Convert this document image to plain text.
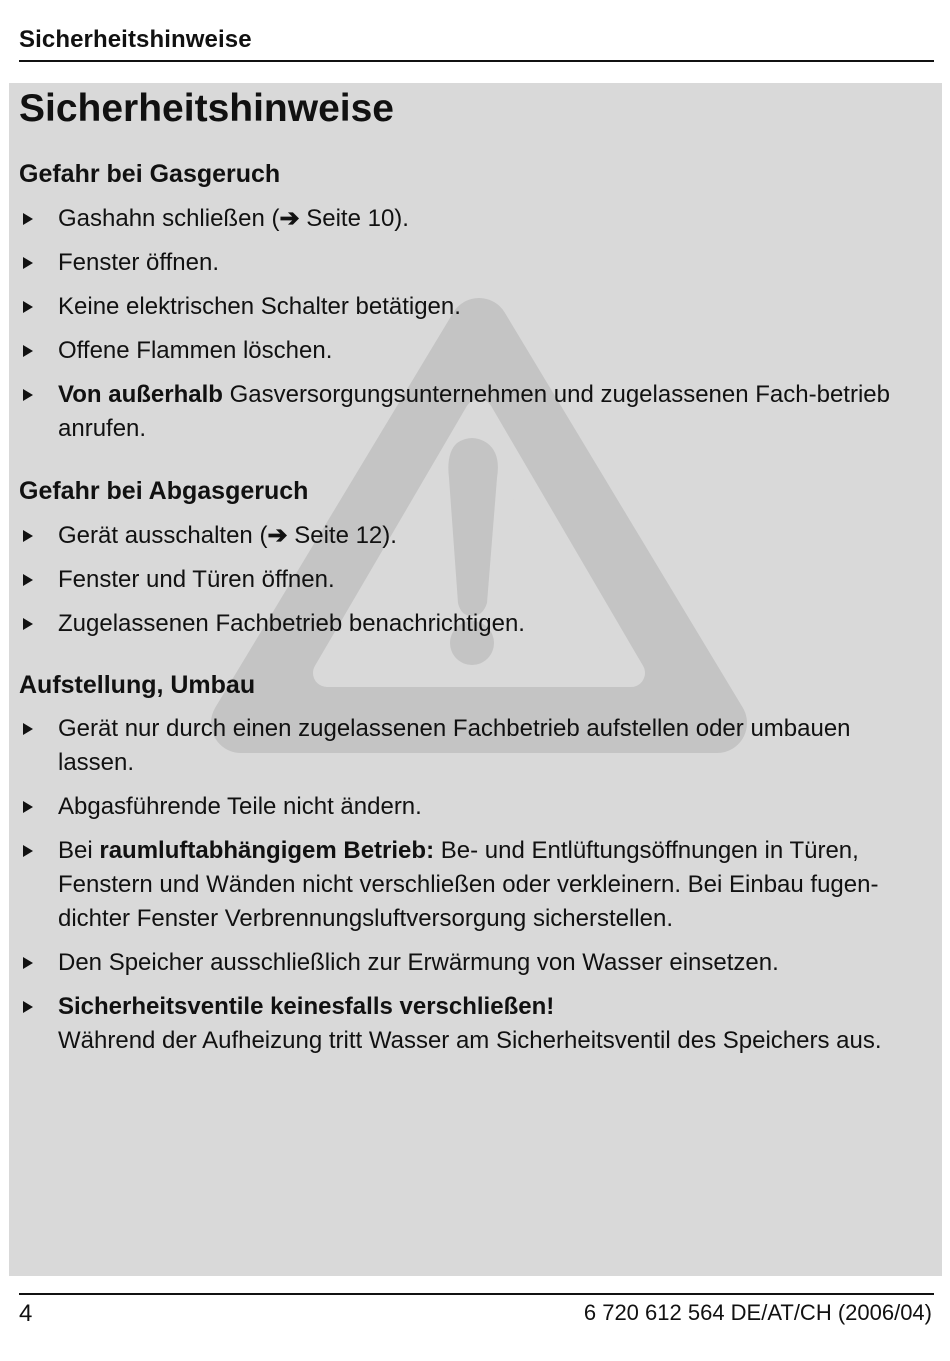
Sicherheitshinweise
Sicherheitshinweise
Gefahr bei Gasgeruch
Gashahn schließen (➔ Seite 10).
Fenster öffnen.
Keine elektrischen Schalter betätigen.
Offene Flammen löschen.
Von außerhalb Gasversorgungsunternehmen und zugelassenen Fach-betrieb anrufen.
Gefahr bei Abgasgeruch
Gerät ausschalten (➔ Seite 12).
Fenster und Türen öffnen.
Zugelassenen Fachbetrieb benachrichtigen.
Aufstellung, Umbau
Gerät nur durch einen zugelassenen Fachbetrieb aufstellen oder umbauen lassen.
Abgasführende Teile nicht ändern.
Bei raumluftabhängigem Betrieb: Be- und Entlüftungsöffnungen in Türen, Fenstern und Wänden nicht verschließen oder verkleinern. Bei Einbau fugen-dichter Fenster Verbrennungsluftversorgung sicherstellen.
Den Speicher ausschließlich zur Erwärmung von Wasser einsetzen.
Sicherheitsventile keinesfalls verschließen!
Während der Aufheizung tritt Wasser am Sicherheitsventil des Speichers aus.
4	6 720 612 564 DE/AT/CH (2006/04)
